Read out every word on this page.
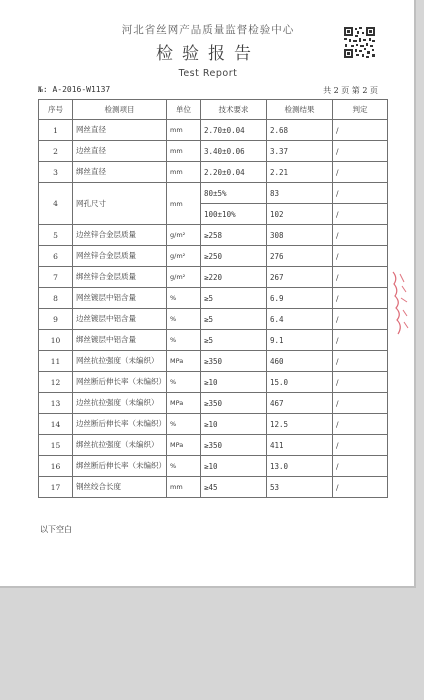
河北省丝网产品质量监督检验中心
检验报告
Test Report
№: A-2016-W1137	共 2 页 第 2 页
序号	检测项目	单位	技术要求	检测结果	判定
1	网丝直径	mm	2.70±0.04	2.68	/
2	边丝直径	mm	3.40±0.06	3.37	/
3	绑丝直径	mm	2.20±0.04	2.21	/
4	网孔尺寸	mm	80±5%	83	/
			100±10%	102	/
5	边丝锌合金层质量	g/m²	≥258	308	/
6	网丝锌合金层质量	g/m²	≥250	276	/
7	绑丝锌合金层质量	g/m²	≥220	267	/
8	网丝镀层中铝含量	%	≥5	6.9	/
9	边丝镀层中铝含量	%	≥5	6.4	/
10	绑丝镀层中铝含量	%	≥5	9.1	/
11	网丝抗拉强度（未编织）	MPa	≥350	460	/
12	网丝断后伸长率（未编织）	%	≥10	15.0	/
13	边丝抗拉强度（未编织）	MPa	≥350	467	/
14	边丝断后伸长率（未编织）	%	≥10	12.5	/
15	绑丝抗拉强度（未编织）	MPa	≥350	411	/
16	绑丝断后伸长率（未编织）	%	≥10	13.0	/
17	钢丝绞合长度	mm	≥45	53	/
以下空白
